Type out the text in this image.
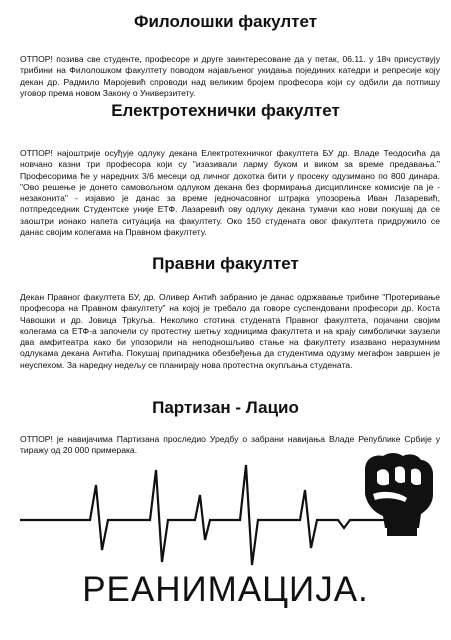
Филолошки факултет

ОТПОР! позива све студенте, професоре и друге заинтересоване да у петак, 06.11. у 18ч присуствују трибини на Филолошком факултету поводом најављеног укидања појединих катедри и репресије коју декан др. Радмило Маројевић спроводи над великим бројем професора који су одбили да потпишу уговор према новом Закону о Универзитету.

Електротехнички факултет

ОТПОР! најоштрије осуђује одлуку декана Електротехничког факултета БУ др. Владе Теодосића да новчано казни три професора који су "изазивали ларму буком и виком за време предавања." Професорима ће у наредних 3/6 месеци од личног дохотка бити у просеку одузимано по 800 динара. "Ово решење је донето самовољном одлуком декана без формирања дисциплинске комисије па је - незаконита" - изјавио је данас за време једночасовног штрајка упозорења Иван Лазаревић, потпредседник Студентске уније ЕТФ. Лазаревић ову одлуку декана тумачи као нови покушај да се заоштри ионако напета ситуација на факултету. Око 150 студената овог факултета придружило се данас својим колегама на Правном факултету.

Правни факултет

Декан Правног факултета БУ, др. Оливер Антић забранио је данас одржавање трибине "Протеривање професора на Правном факултету" на којој је требало да говоре суспендовани професори др. Коста Чавошки и др. Јовица Трkуља. Неколико стотина студената Правног факултета, појачани својим колегама са ЕТФ-а започели су протестну шетњу ходницима факултета и на крају симболички заузели два амфитеатра како би упозорили на неподношљиво стање на факултету изазвано неразумним одлукама декана Антића. Покушај припадника обезбеђења да студентима одузму мегафон завршен је неуспехом. За наредну недељу се планирају нова протестна окупљања студената.

Партизан - Лацио

ОТПОР! је навијачима Партизана проследио Уредбу о забрани навијања Владе Републике Србије у тиражу од 20 000 примерака.

РЕАНИМАЦИЈА.
